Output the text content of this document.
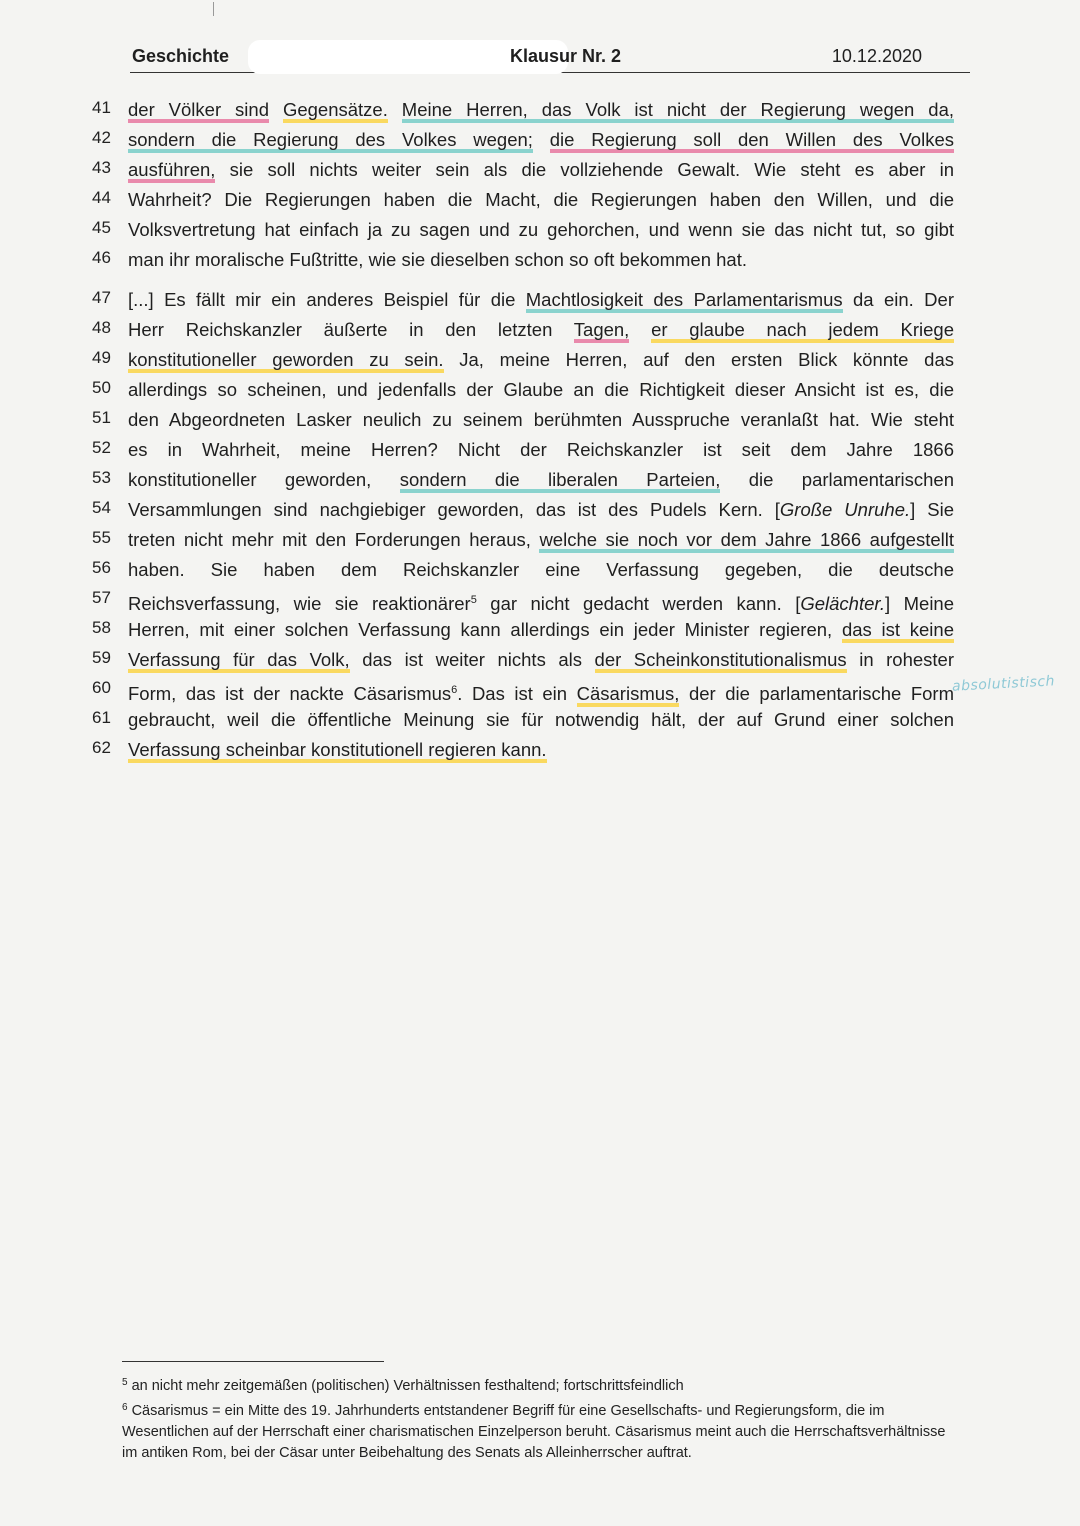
Geschichte	Klausur Nr. 2	10.12.2020
41 der Völker sind Gegensätze. Meine Herren, das Volk ist nicht der Regierung wegen da,
42 sondern die Regierung des Volkes wegen; die Regierung soll den Willen des Volkes
43 ausführen, sie soll nichts weiter sein als die vollziehende Gewalt. Wie steht es aber in
44 Wahrheit? Die Regierungen haben die Macht, die Regierungen haben den Willen, und die
45 Volksvertretung hat einfach ja zu sagen und zu gehorchen, und wenn sie das nicht tut, so gibt
46 man ihr moralische Fußtritte, wie sie dieselben schon so oft bekommen hat.
47 [...] Es fällt mir ein anderes Beispiel für die Machtlosigkeit des Parlamentarismus da ein. Der
48 Herr Reichskanzler äußerte in den letzten Tagen, er glaube nach jedem Kriege
49 konstitutioneller geworden zu sein. Ja, meine Herren, auf den ersten Blick könnte das
50 allerdings so scheinen, und jedenfalls der Glaube an die Richtigkeit dieser Ansicht ist es, die
51 den Abgeordneten Lasker neulich zu seinem berühmten Ausspruche veranlaßt hat. Wie steht
52 es in Wahrheit, meine Herren? Nicht der Reichskanzler ist seit dem Jahre 1866
53 konstitutioneller geworden, sondern die liberalen Parteien, die parlamentarischen
54 Versammlungen sind nachgiebiger geworden, das ist des Pudels Kern. [Große Unruhe.] Sie
55 treten nicht mehr mit den Forderungen heraus, welche sie noch vor dem Jahre 1866 aufgestellt
56 haben. Sie haben dem Reichskanzler eine Verfassung gegeben, die deutsche
57 Reichsverfassung, wie sie reaktionärer$^5$ gar nicht gedacht werden kann. [Gelächter.] Meine
58 Herren, mit einer solchen Verfassung kann allerdings ein jeder Minister regieren, das ist keine
59 Verfassung für das Volk, das ist weiter nichts als der Scheinkonstitutionalismus in rohester
60 Form, das ist der nackte Cäsarismus$^6$. Das ist ein Cäsarismus, der die parlamentarische Form
61 gebraucht, weil die öffentliche Meinung sie für notwendig hält, der auf Grund einer solchen
62 Verfassung scheinbar konstitutionell regieren kann.
absolutistisch

$^5$ an nicht mehr zeitgemäßen (politischen) Verhältnissen festhaltend; fortschrittsfeindlich

$^6$ Cäsarismus = ein Mitte des 19. Jahrhunderts entstandener Begriff für eine Gesellschafts- und Regierungsform, die im Wesentlichen auf der Herrschaft einer charismatischen Einzelperson beruht. Cäsarismus meint auch die Herrschaftsverhältnisse im antiken Rom, bei der Cäsar unter Beibehaltung des Senats als Alleinherrscher auftrat.
